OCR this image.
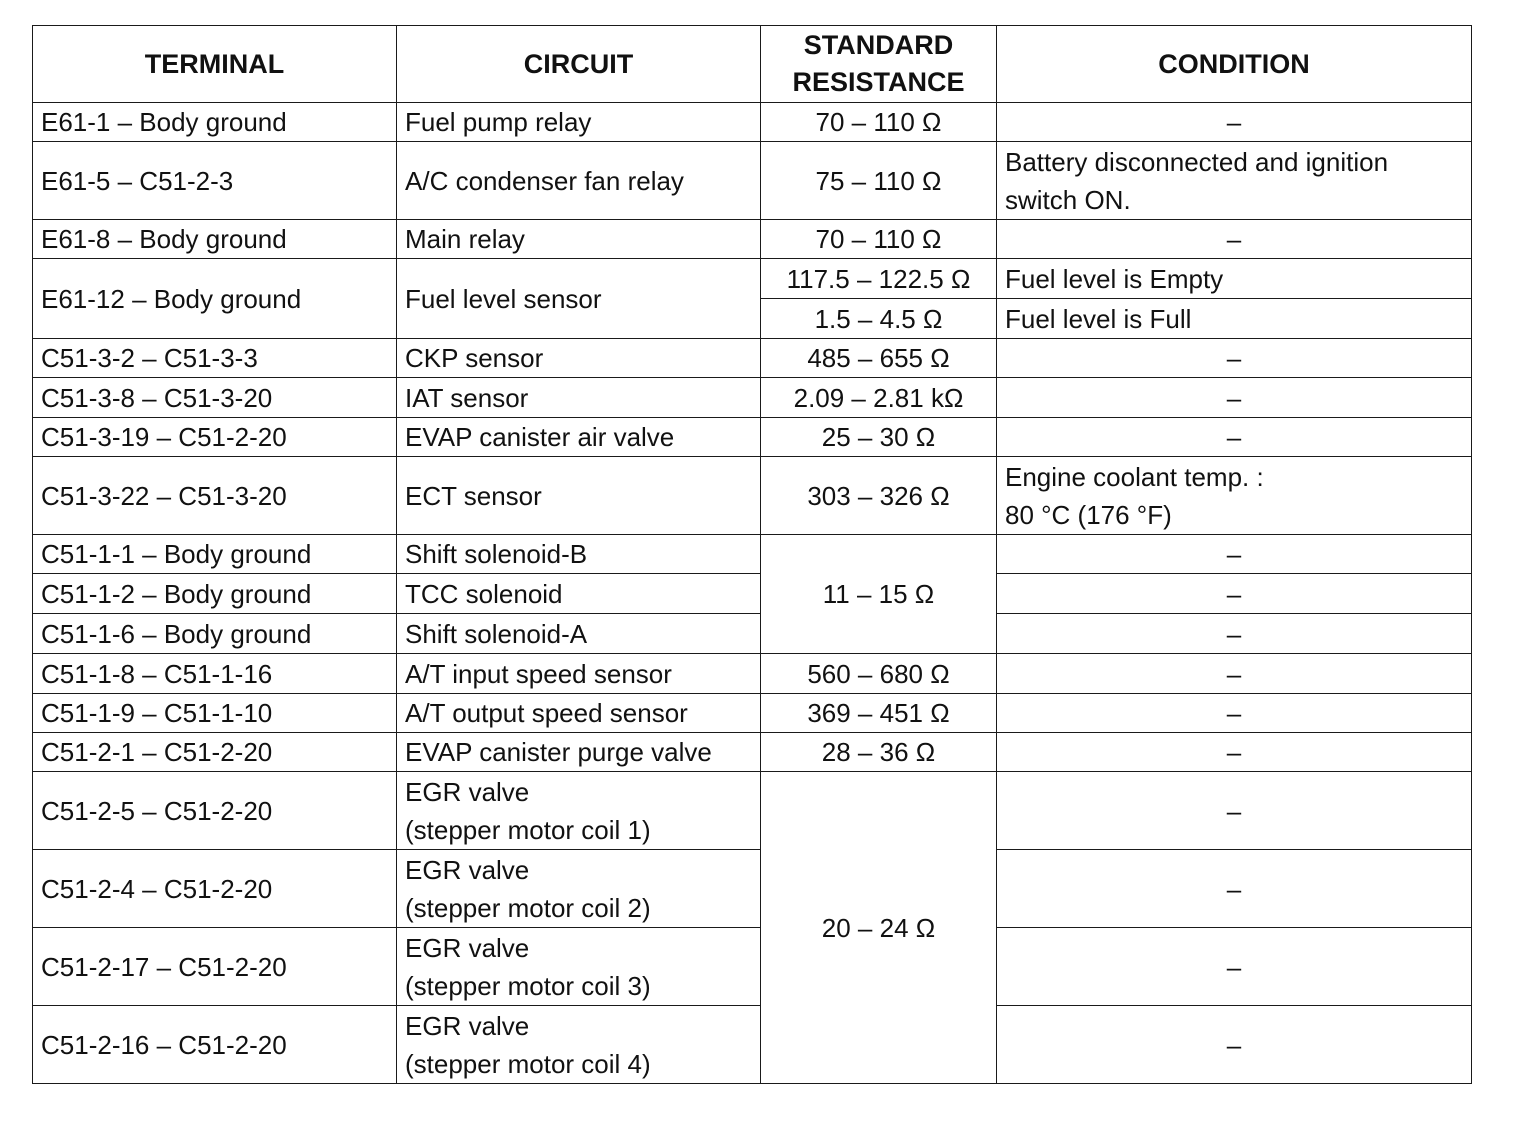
TERMINAL	CIRCUIT	STANDARD
RESISTANCE	CONDITION
E61-1 – Body ground	Fuel pump relay	70 – 110 Ω	–
E61-5 – C51-2-3	A/C condenser fan relay	75 – 110 Ω	Battery disconnected and ignition
switch ON.

E61-8 – Body ground	Main relay	70 – 110 Ω	–
E61-12 – Body ground	Fuel level sensor	117.5 – 122.5 Ω	Fuel level is Empty
		1.5 – 4.5 Ω	Fuel level is Full
C51-3-2 – C51-3-3	CKP sensor	485 – 655 Ω	–
C51-3-8 – C51-3-20	IAT sensor	2.09 – 2.81 kΩ	–
C51-3-19 – C51-2-20	EVAP canister air valve	25 – 30 Ω	–
C51-3-22 – C51-3-20	ECT sensor	303 – 326 Ω	Engine coolant temp. :
80 °C (176 °F)

C51-1-1 – Body ground	Shift solenoid-B	11 – 15 Ω	–
C51-1-2 – Body ground	TCC solenoid		–
C51-1-6 – Body ground	Shift solenoid-A		–
C51-1-8 – C51-1-16	A/T input speed sensor	560 – 680 Ω	–
C51-1-9 – C51-1-10	A/T output speed sensor	369 – 451 Ω	–
C51-2-1 – C51-2-20	EVAP canister purge valve	28 – 36 Ω	–
C51-2-5 – C51-2-20	EGR valve
(stepper motor coil 1)	20 – 24 Ω	–
C51-2-4 – C51-2-20	EGR valve
(stepper motor coil 2)		–
C51-2-17 – C51-2-20	EGR valve
(stepper motor coil 3)		–
C51-2-16 – C51-2-20	EGR valve
(stepper motor coil 4)		–
